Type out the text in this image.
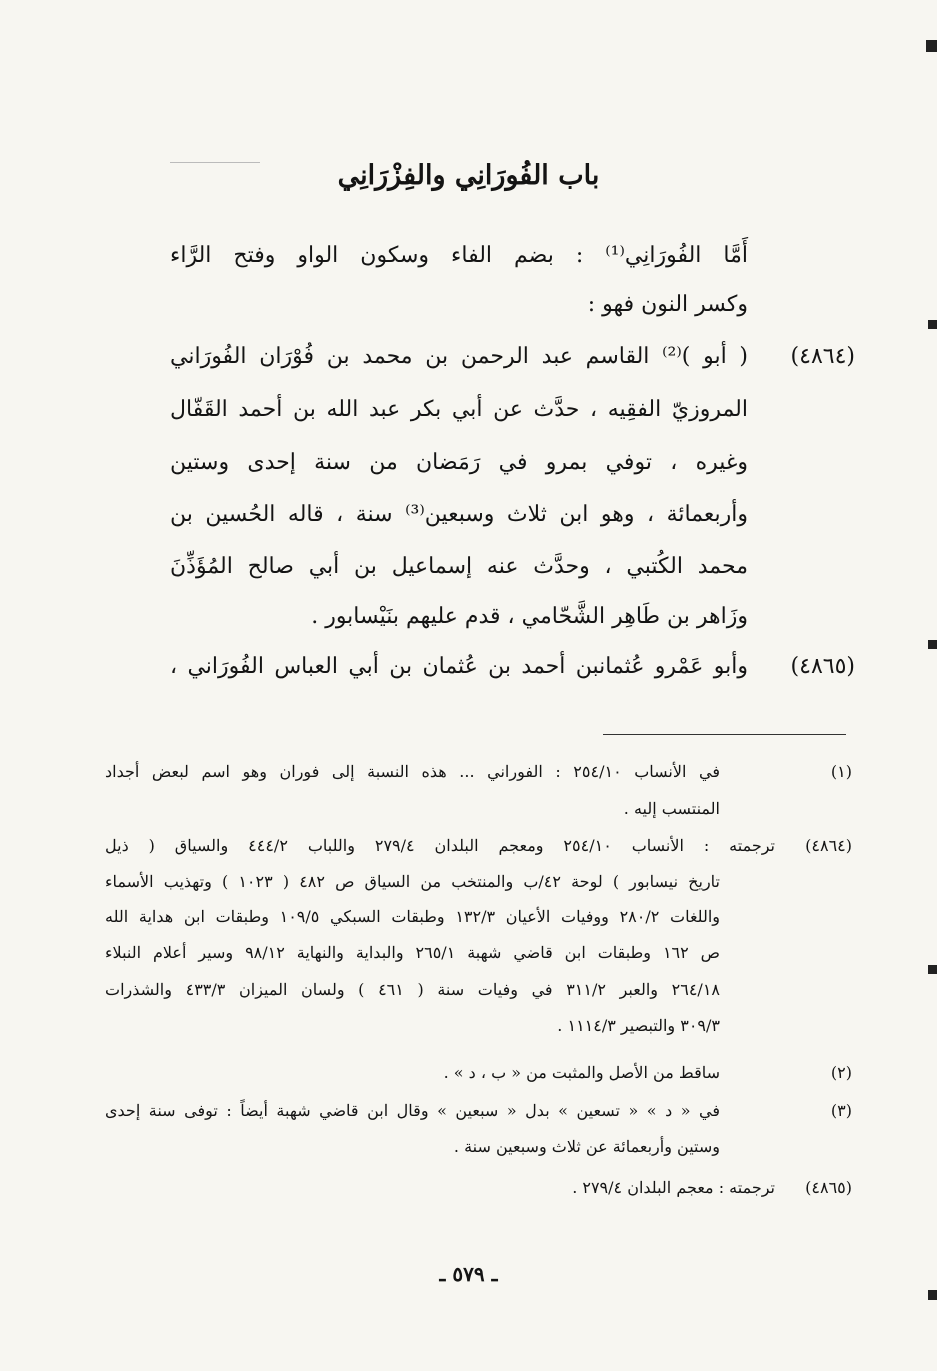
باب الفُورَانِي والفِزْرَانِي
أَمَّا الفُورَانِي⁽¹⁾ : بضم الفاء وسكون الواو وفتح الرَّاء
وكسر النون فهو :
( أبو )⁽²⁾ القاسم عبد الرحمن بن محمد بن فُوْرَان الفُورَاني
المروزيّ الفقِيه ، حدَّث عن أبي بكر عبد الله بن أحمد القَفّال
وغيره ، توفي بمرو في رَمَضان من سنة إحدى وستين
وأربعمائة ، وهو ابن ثلاث وسبعين⁽³⁾ سنة ، قاله الحُسين بن
محمد الكُتبي ، وحدَّث عنه إسماعيل بن أبي صالح المُؤَذِّنَ
وزَاهر بن طَاهِر الشَّحّامي ، قدم عليهم بنَيْسابور .
وأبو عَمْرو عُثمانبن أحمد بن عُثمان بن أبي العباس الفُورَاني ،
(٤٨٦٤)
(٤٨٦٥)
(١)
في الأنساب ٢٥٤/١٠ : الفوراني ... هذه النسبة إلى فوران وهو اسم لبعض أجداد
المنتسب إليه .
(٤٨٦٤)
ترجمته : الأنساب ٢٥٤/١٠ ومعجم البلدان ٢٧٩/٤ واللباب ٤٤٤/٢ والسياق ( ذيل
تاريخ نيسابور ) لوحة ٤٢/ب والمنتخب من السياق ص ٤٨٢ ( ١٠٢٣ ) وتهذيب الأسماء
واللغات ٢٨٠/٢ ووفيات الأعيان ١٣٢/٣ وطبقات السبكي ١٠٩/٥ وطبقات ابن هداية الله
ص ١٦٢ وطبقات ابن قاضي شهبة ٢٦٥/١ والبداية والنهاية ٩٨/١٢ وسير أعلام النبلاء
٢٦٤/١٨ والعبر ٣١١/٢ في وفيات سنة ( ٤٦١ ) ولسان الميزان ٤٣٣/٣ والشذرات
٣٠٩/٣ والتبصير ١١١٤/٣ .
(٢)
ساقط من الأصل والمثبت من « ب ، د » .
(٣)
في « د » « تسعين » بدل « سبعين » وقال ابن قاضي شهبة أيضاً : توفى سنة إحدى
وستين وأربعمائة عن ثلاث وسبعين سنة .
(٤٨٦٥)
ترجمته : معجم البلدان ٢٧٩/٤ .
ـ ٥٧٩ ـ
